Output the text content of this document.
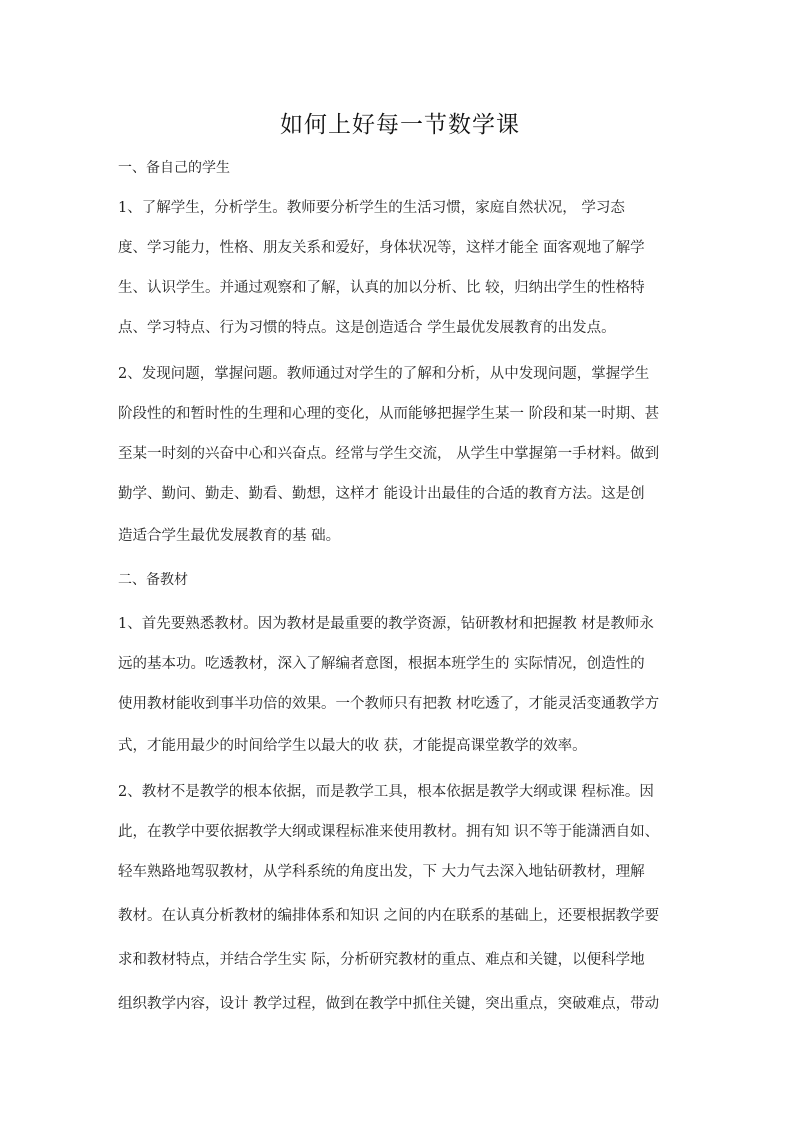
如何上好每一节数学课
一、备自己的学生
1、了解学生，分析学生。教师要分析学生的生活习惯，家庭自然状况， 学习态
度、学习能力，性格、朋友关系和爱好，身体状况等，这样才能全 面客观地了解学
生、认识学生。并通过观察和了解，认真的加以分析、比 较，归纳出学生的性格特
点、学习特点、行为习惯的特点。这是创造适合 学生最优发展教育的出发点。
2、发现问题，掌握问题。教师通过对学生的了解和分析，从中发现问题，掌握学生
阶段性的和暂时性的生理和心理的变化，从而能够把握学生某一 阶段和某一时期、甚
至某一时刻的兴奋中心和兴奋点。经常与学生交流， 从学生中掌握第一手材料。做到
勤学、勤问、勤走、勤看、勤想，这样才 能设计出最佳的合适的教育方法。这是创
造适合学生最优发展教育的基 础。
二、备教材
1、首先要熟悉教材。因为教材是最重要的教学资源，钻研教材和把握教 材是教师永
远的基本功。吃透教材，深入了解编者意图，根据本班学生的 实际情况，创造性的
使用教材能收到事半功倍的效果。一个教师只有把教 材吃透了，才能灵活变通教学方
式，才能用最少的时间给学生以最大的收 获，才能提高课堂教学的效率。
2、教材不是教学的根本依据，而是教学工具，根本依据是教学大纲或课 程标准。因
此，在教学中要依据教学大纲或课程标准来使用教材。拥有知 识不等于能潇洒自如、
轻车熟路地驾驭教材，从学科系统的角度出发，下 大力气去深入地钻研教材，理解
教材。在认真分析教材的编排体系和知识 之间的内在联系的基础上，还要根据教学要
求和教材特点，并结合学生实 际，分析研究教材的重点、难点和关键，以便科学地
组织教学内容，设计 教学过程，做到在教学中抓住关键，突出重点，突破难点，带动
